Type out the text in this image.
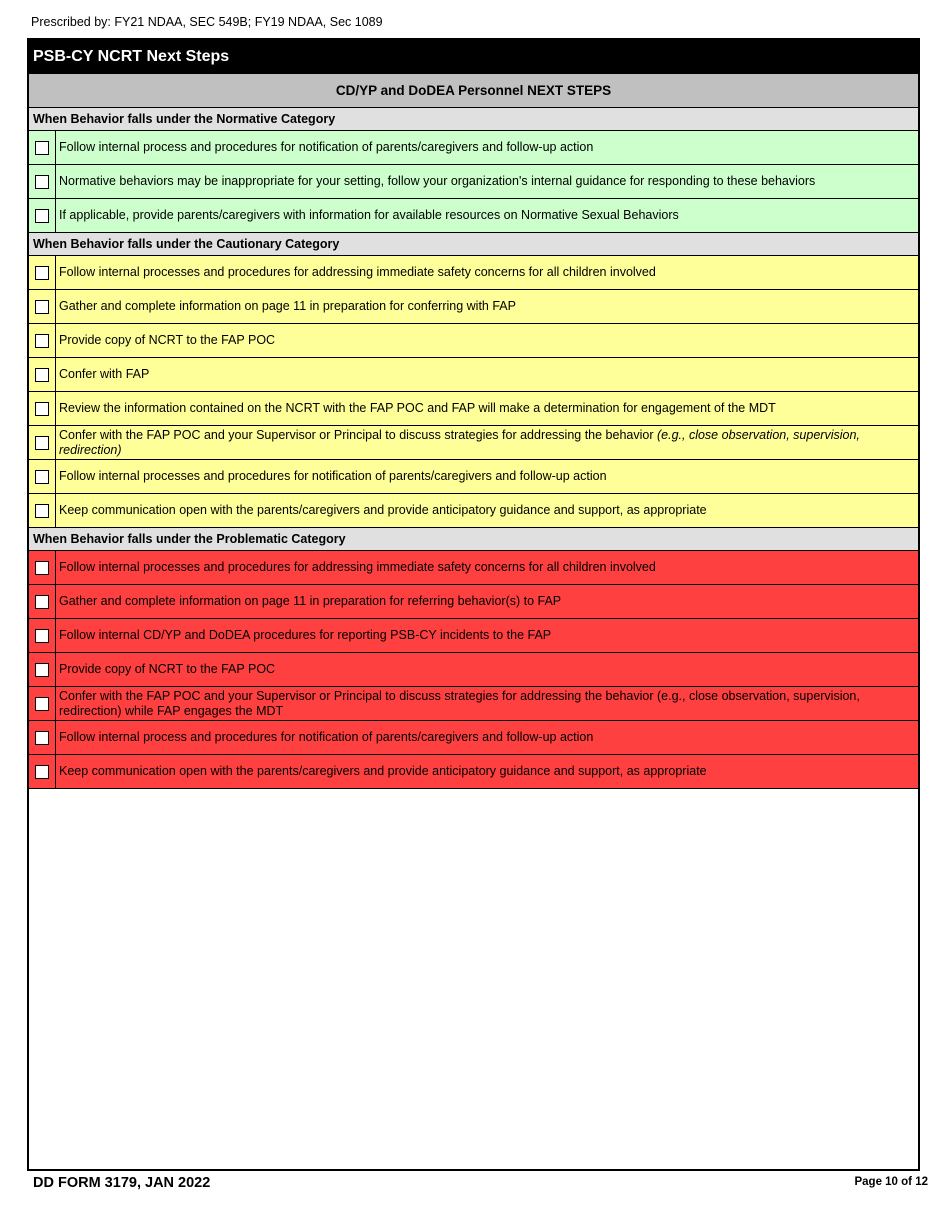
Prescribed by: FY21 NDAA, SEC 549B; FY19 NDAA, Sec 1089
PSB-CY NCRT Next Steps
CD/YP and DoDEA Personnel NEXT STEPS
When Behavior falls under the Normative Category
Follow internal process and procedures for notification of parents/caregivers and follow-up action
Normative behaviors may be inappropriate for your setting, follow your organization's internal guidance for responding to these behaviors
If applicable, provide parents/caregivers with information for available resources on Normative Sexual Behaviors
When Behavior falls under the Cautionary Category
Follow internal processes and procedures for addressing immediate safety concerns for all children involved
Gather and complete information on page 11 in preparation for conferring with FAP
Provide copy of NCRT to the FAP POC
Confer with FAP
Review the information contained on the NCRT with the FAP POC and FAP will make a determination for engagement of the MDT
Confer with the FAP POC and your Supervisor or Principal to discuss strategies for addressing the behavior (e.g., close observation, supervision, redirection)
Follow internal processes and procedures for notification of parents/caregivers and follow-up action
Keep communication open with the parents/caregivers and provide anticipatory guidance and support, as appropriate
When Behavior falls under the Problematic Category
Follow internal processes and procedures for addressing immediate safety concerns for all children involved
Gather and complete information on page 11 in preparation for referring behavior(s) to FAP
Follow internal CD/YP and DoDEA procedures for reporting PSB-CY incidents to the FAP
Provide copy of NCRT to the FAP POC
Confer with the FAP POC and your Supervisor or Principal to discuss strategies for addressing the behavior (e.g., close observation, supervision, redirection) while FAP engages the MDT
Follow internal process and procedures for notification of parents/caregivers and follow-up action
Keep communication open with the parents/caregivers and provide anticipatory guidance and support, as appropriate
DD FORM 3179, JAN 2022	Page 10 of 12
